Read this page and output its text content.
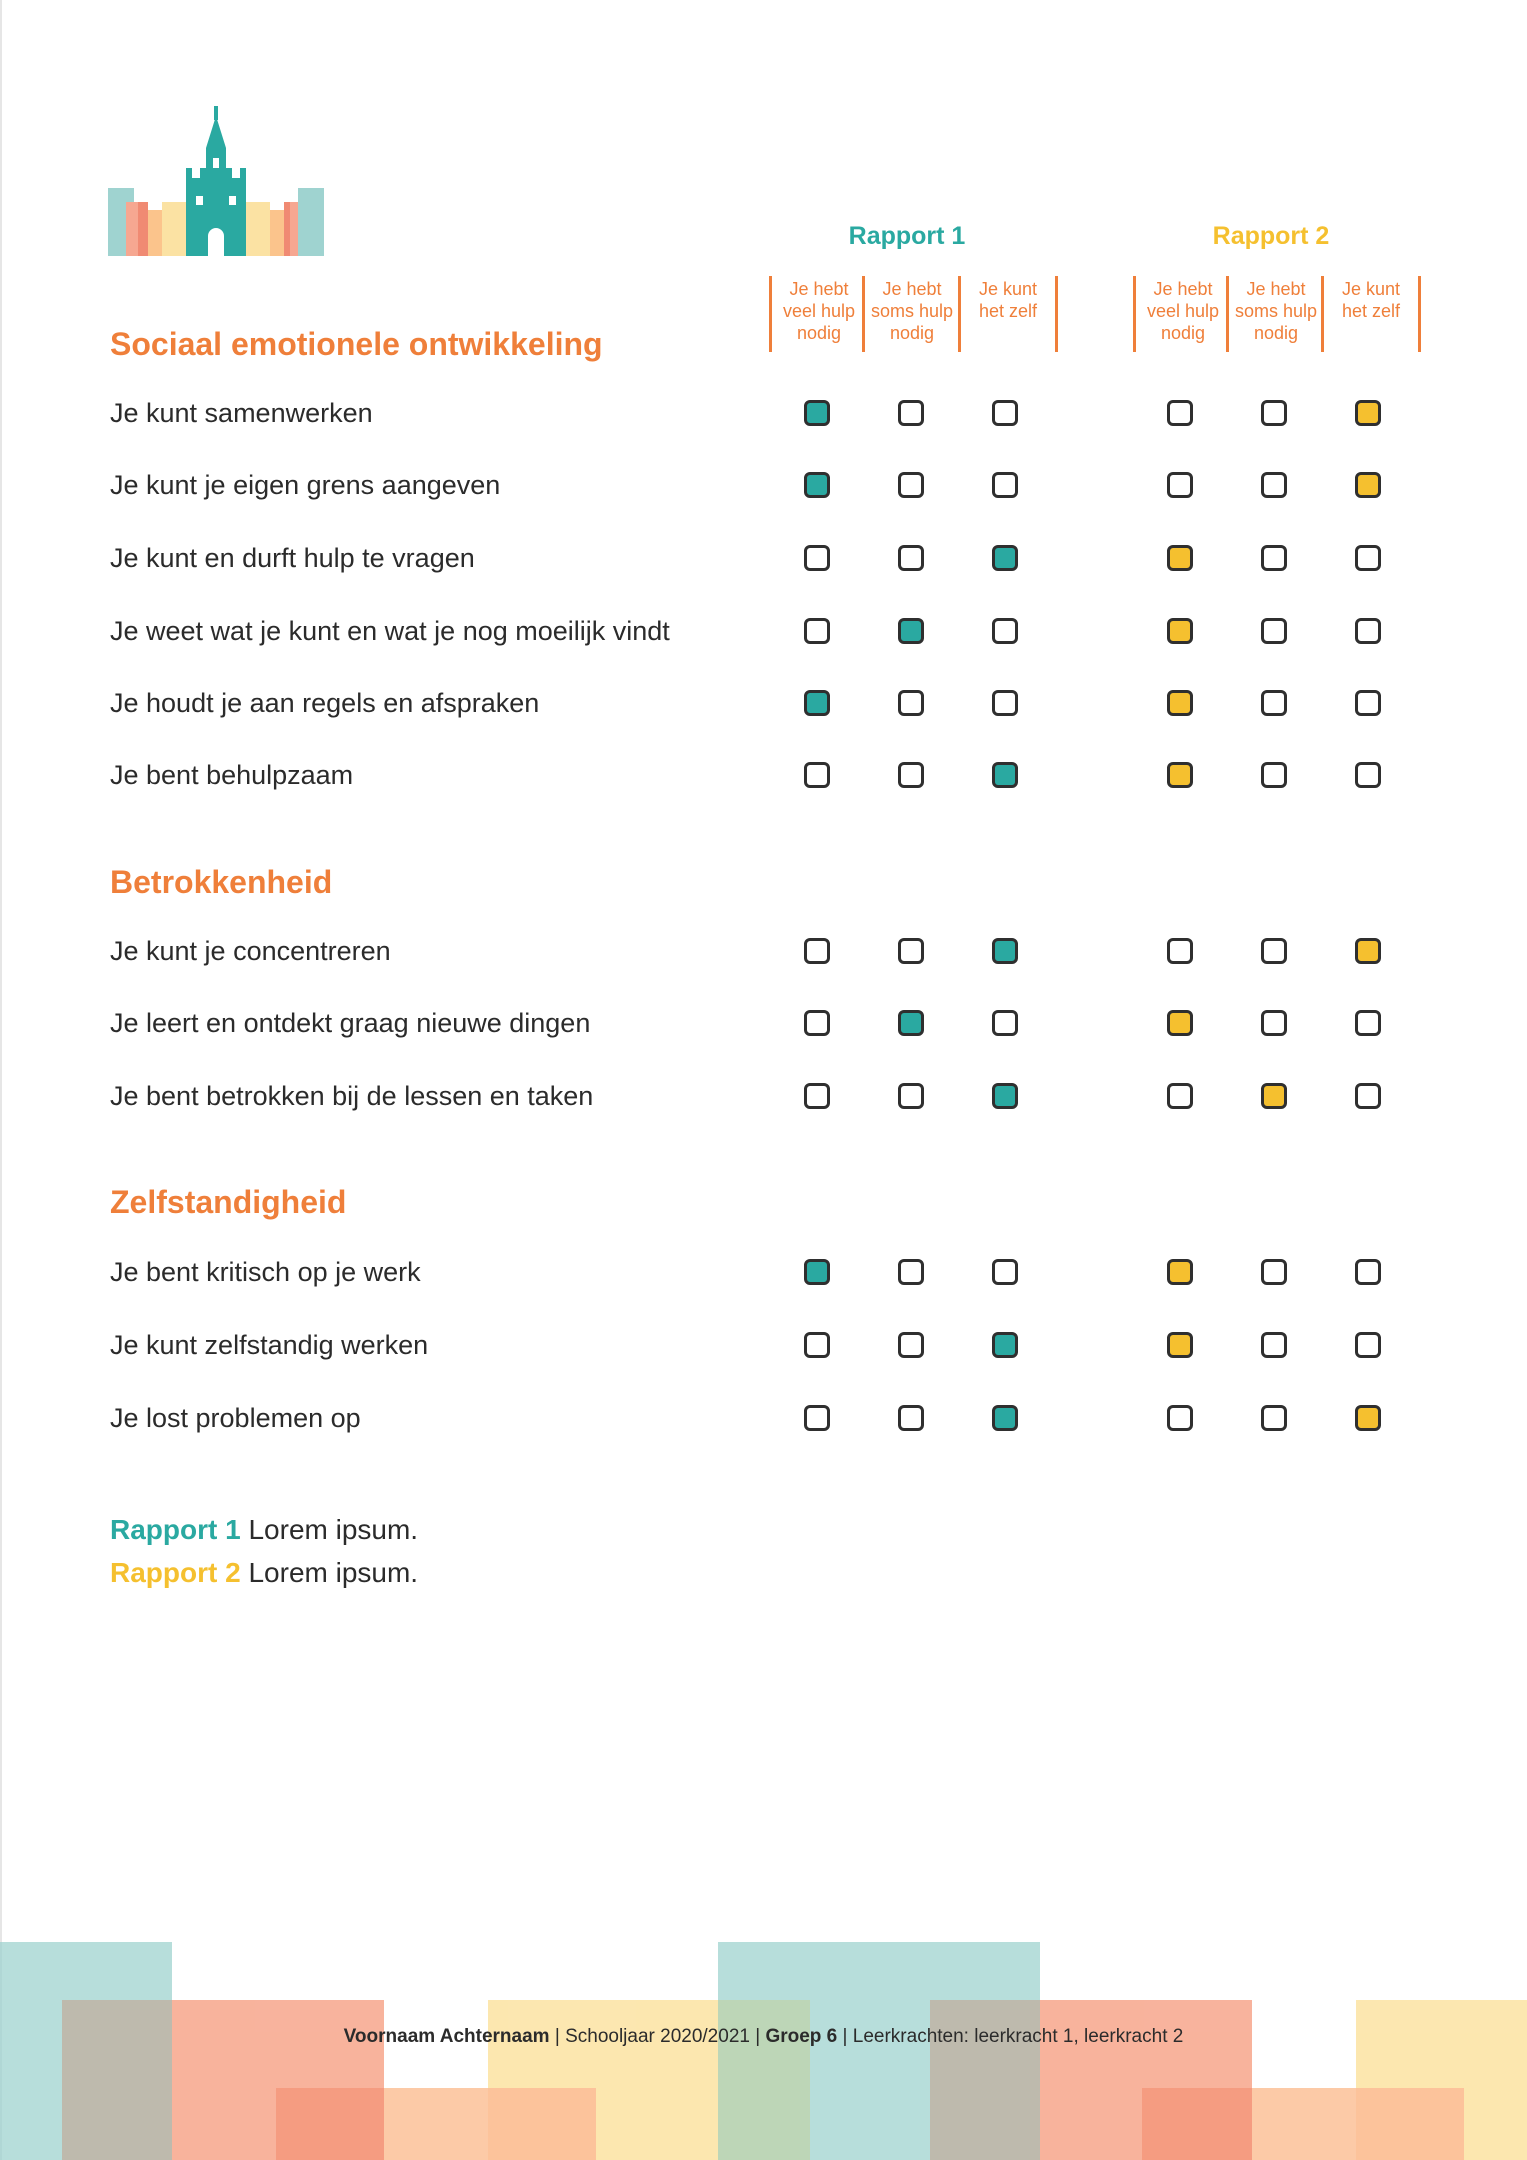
Rapport 1	Rapport 2
Je hebt
veel hulp
nodig
Je hebt
soms hulp
nodig
Je kunt
het zelf
Je hebt
veel hulp
nodig
Je hebt
soms hulp
nodig
Je kunt
het zelf
Sociaal emotionele ontwikkeling
Je kunt samenwerken
Je kunt je eigen grens aangeven
Je kunt en durft hulp te vragen
Je weet wat je kunt en wat je nog moeilijk vindt
Je houdt je aan regels en afspraken
Je bent behulpzaam
Betrokkenheid
Je kunt je concentreren
Je leert en ontdekt graag nieuwe dingen
Je bent betrokken bij de lessen en taken
Zelfstandigheid
Je bent kritisch op je werk
Je kunt zelfstandig werken
Je lost problemen op
Rapport 1 Lorem ipsum.
Rapport 2 Lorem ipsum.
Voornaam Achternaam | Schooljaar 2020/2021 | Groep 6 | Leerkrachten: leerkracht 1, leerkracht 2
